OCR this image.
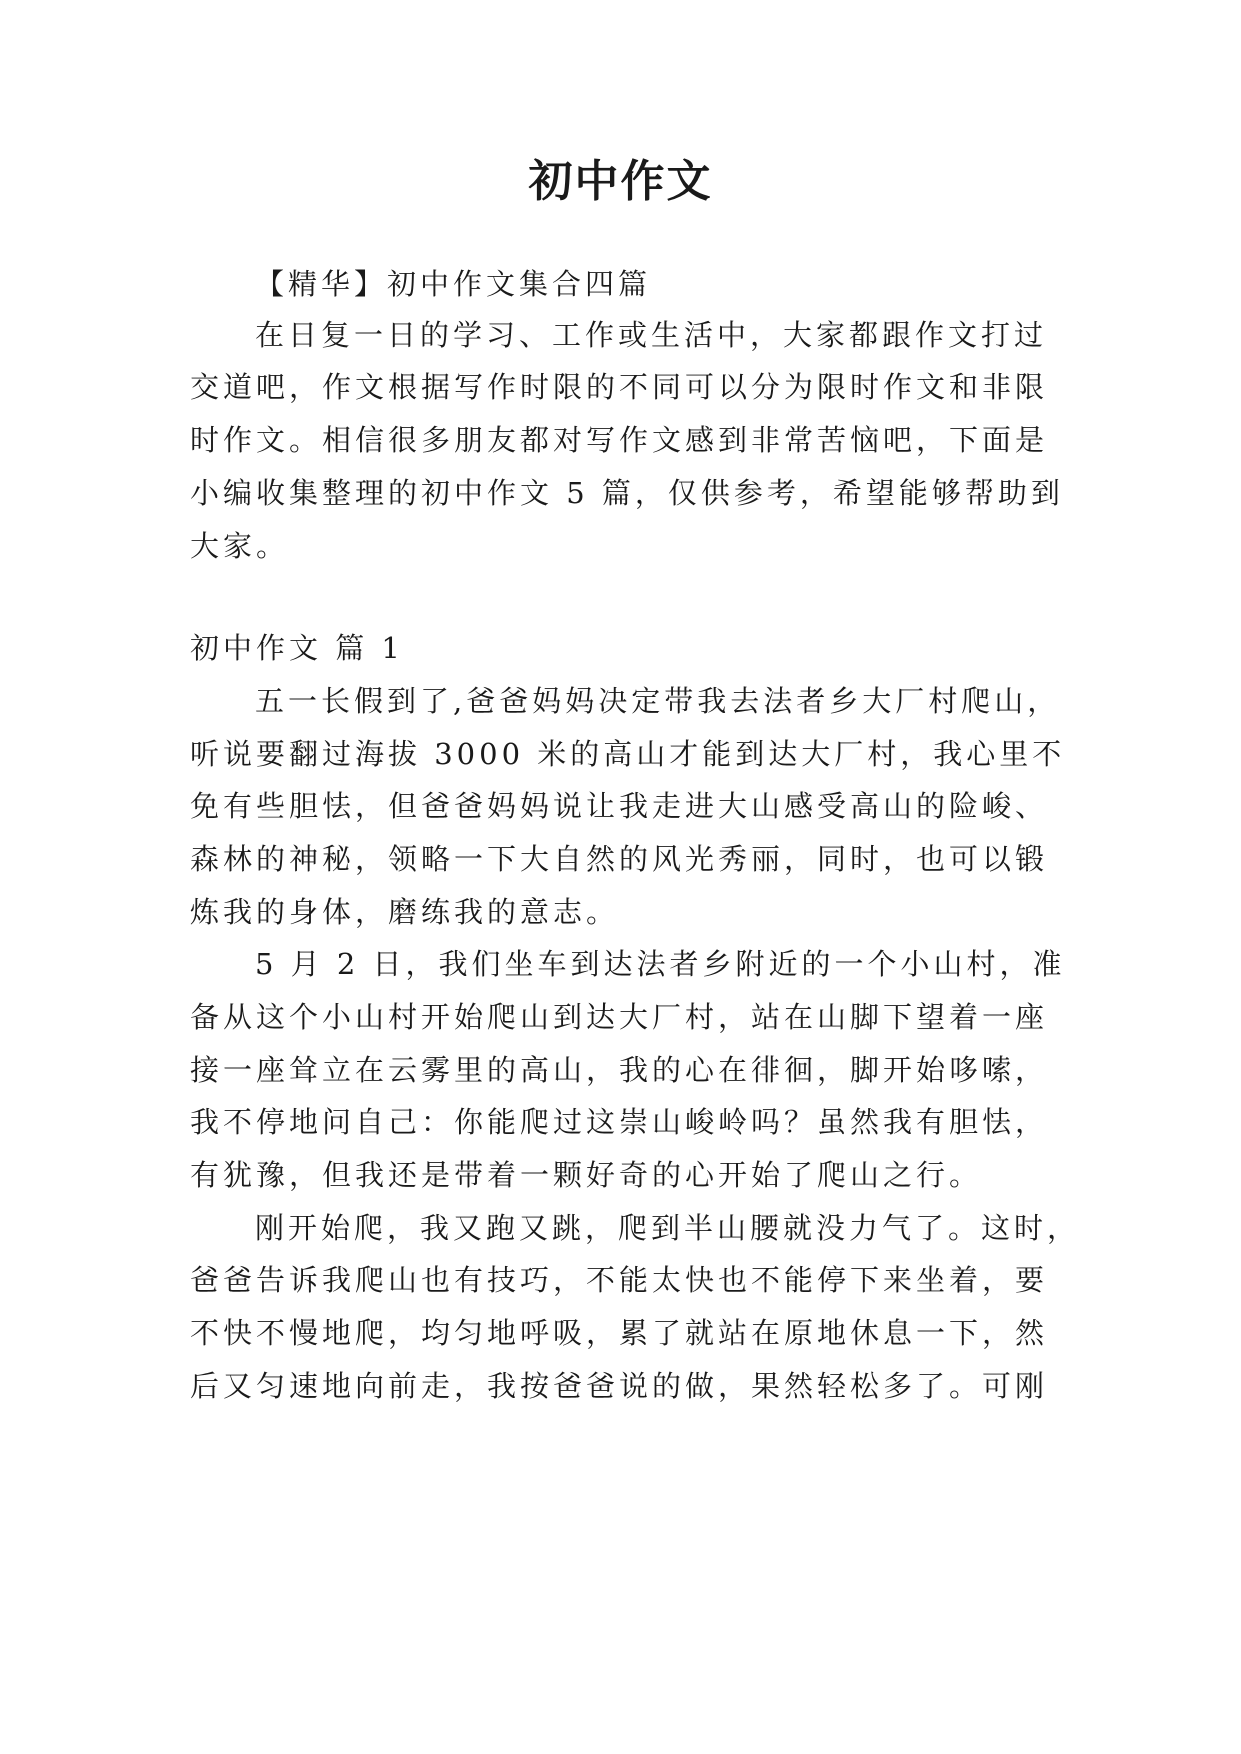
初中作文
【精华】初中作文集合四篇
在日复一日的学习、工作或生活中，大家都跟作文打过
交道吧，作文根据写作时限的不同可以分为限时作文和非限
时作文。相信很多朋友都对写作文感到非常苦恼吧，下面是
小编收集整理的初中作文 5 篇，仅供参考，希望能够帮助到
大家。
初中作文 篇 1
五一长假到了,爸爸妈妈决定带我去法者乡大厂村爬山，
听说要翻过海拔 3000 米的高山才能到达大厂村，我心里不
免有些胆怯，但爸爸妈妈说让我走进大山感受高山的险峻、
森林的神秘，领略一下大自然的风光秀丽，同时，也可以锻
炼我的身体，磨练我的意志。
5 月 2 日，我们坐车到达法者乡附近的一个小山村，准
备从这个小山村开始爬山到达大厂村，站在山脚下望着一座
接一座耸立在云雾里的高山，我的心在徘徊，脚开始哆嗦，
我不停地问自己：你能爬过这崇山峻岭吗？虽然我有胆怯，
有犹豫，但我还是带着一颗好奇的心开始了爬山之行。
刚开始爬，我又跑又跳，爬到半山腰就没力气了。这时，
爸爸告诉我爬山也有技巧，不能太快也不能停下来坐着，要
不快不慢地爬，均匀地呼吸，累了就站在原地休息一下，然
后又匀速地向前走，我按爸爸说的做，果然轻松多了。可刚
